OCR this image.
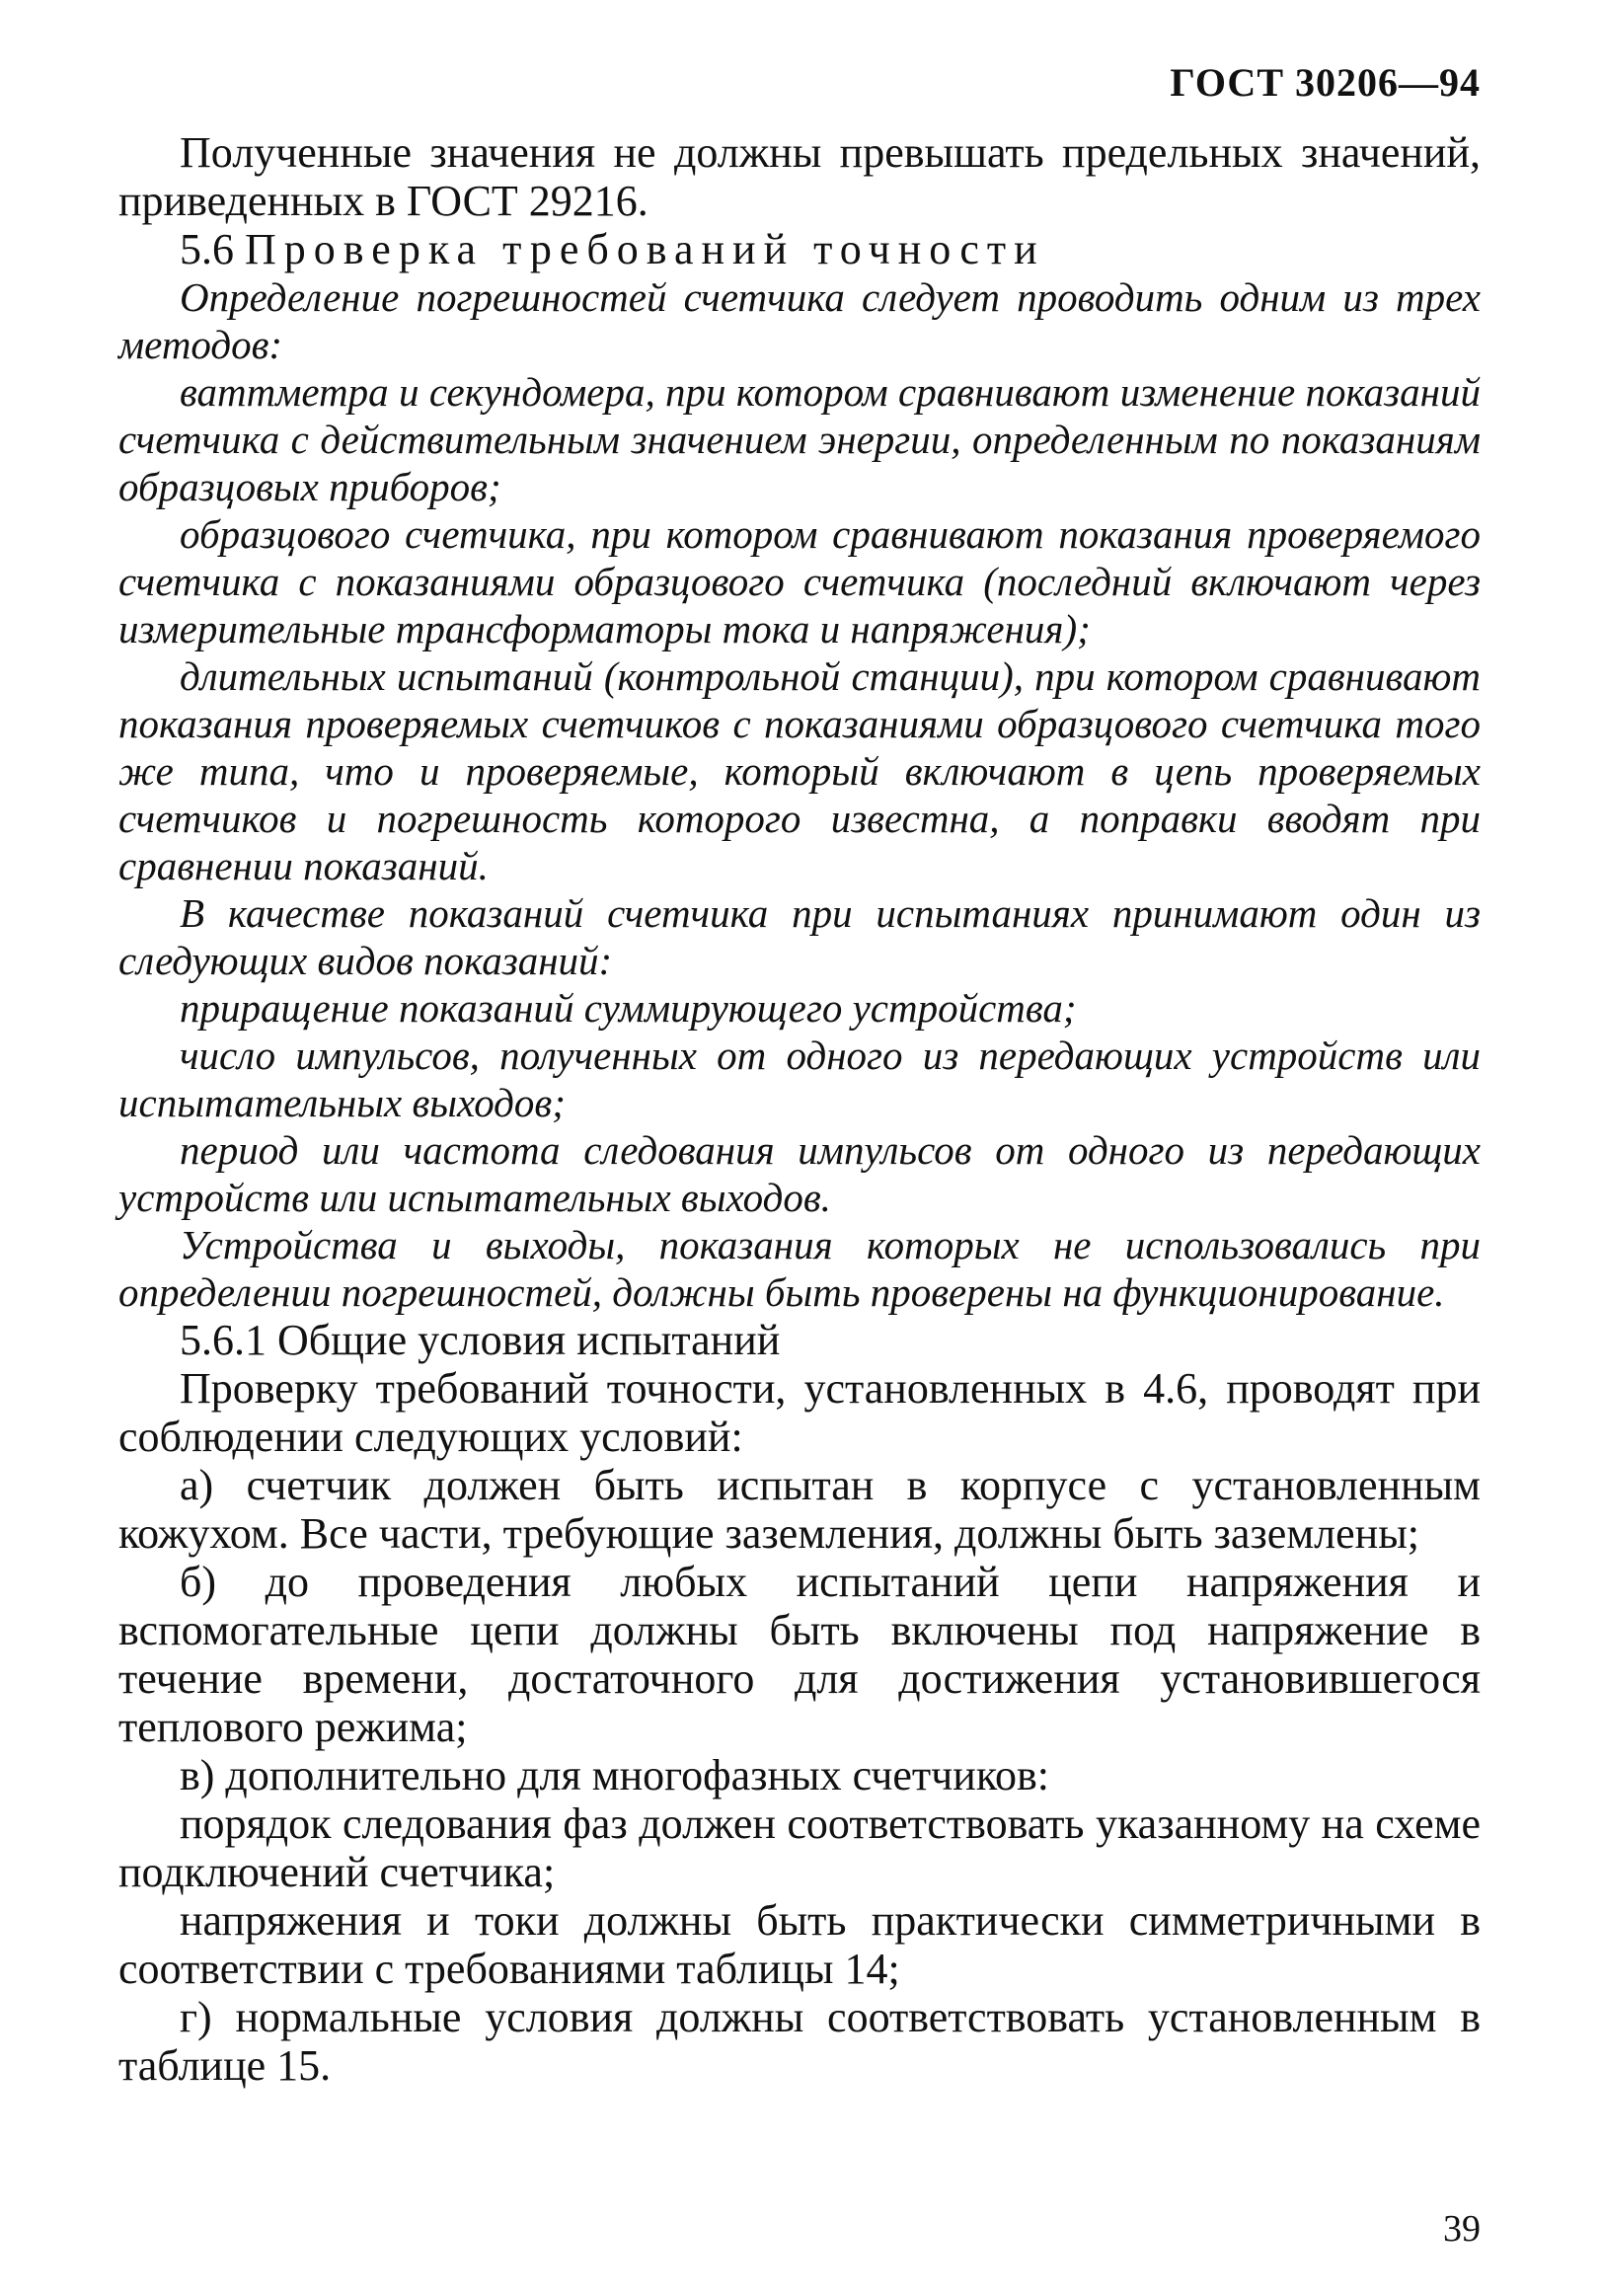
ГОСТ 30206—94

Полученные значения не должны превышать предельных значений, приведенных в ГОСТ 29216.

5.6 Проверка требований точности

Определение погрешностей счетчика следует проводить одним из трех методов:

ваттметра и секундомера, при котором сравнивают изменение показаний счетчика с действительным значением энергии, определенным по показаниям образцовых приборов;

образцового счетчика, при котором сравнивают показания проверяемого счетчика с показаниями образцового счетчика (последний включают через измерительные трансформаторы тока и напряжения);

длительных испытаний (контрольной станции), при котором сравнивают показания проверяемых счетчиков с показаниями образцового счетчика того же типа, что и проверяемые, который включают в цепь проверяемых счетчиков и погрешность которого известна, а поправки вводят при сравнении показаний.

В качестве показаний счетчика при испытаниях принимают один из следующих видов показаний:

приращение показаний суммирующего устройства;

число импульсов, полученных от одного из передающих устройств или испытательных выходов;

период или частота следования импульсов от одного из передающих устройств или испытательных выходов.

Устройства и выходы, показания которых не использовались при определении погрешностей, должны быть проверены на функционирование.

5.6.1 Общие условия испытаний

Проверку требований точности, установленных в 4.6, проводят при соблюдении следующих условий:

а) счетчик должен быть испытан в корпусе с установленным кожухом. Все части, требующие заземления, должны быть заземлены;

б) до проведения любых испытаний цепи напряжения и вспомогательные цепи должны быть включены под напряжение в течение времени, достаточного для достижения установившегося теплового режима;

в) дополнительно для многофазных счетчиков:

порядок следования фаз должен соответствовать указанному на схеме подключений счетчика;

напряжения и токи должны быть практически симметричными в соответствии с требованиями таблицы 14;

г) нормальные условия должны соответствовать установленным в таблице 15.

39
